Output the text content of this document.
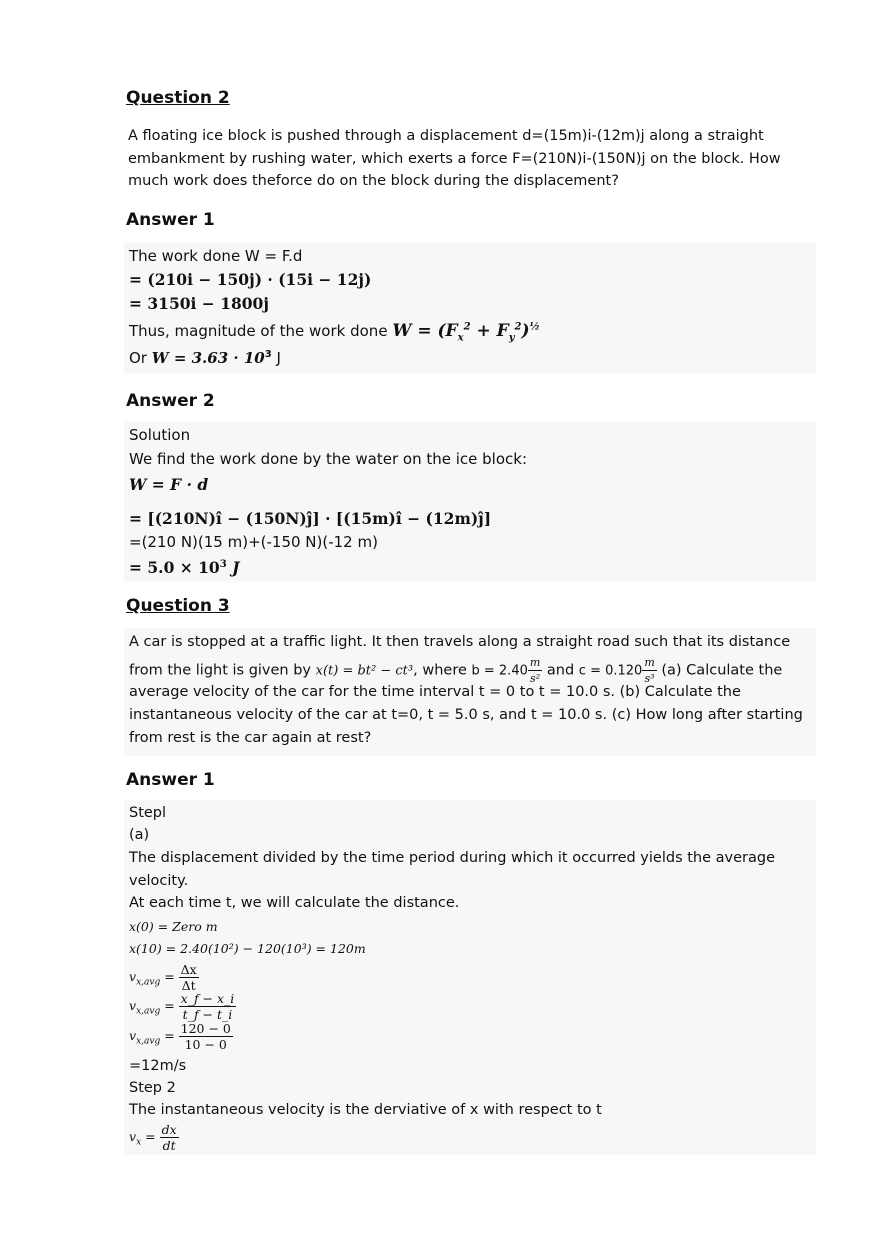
Question 2
A floating ice block is pushed through a displacement d=(15m)i-(12m)j along a straight embankment by rushing water, which exerts a force F=(210N)i-(150N)j on the block. How much work does theforce do on the block during the displacement?
Answer 1
The work done W = F.d
= (210i − 150j) · (15i − 12j)
= 3150i − 1800j
Thus, magnitude of the work done $W = (F_x^2 + F_y^2)^{\frac{1}{2}}$
Or $W = 3.63 \cdot 10^3$ J
Answer 2
Solution
We find the work done by the water on the ice block:
W = F · d
= [(210N)î − (150N)ĵ] · [(15m)î − (12m)ĵ]
=(210 N)(15 m)+(-150 N)(-12 m)
= $5.0 \times 10^3$ J
Question 3
A car is stopped at a traffic light. It then travels along a straight road such that its distance
from the light is given by x(t) = bt² − ct³, where $b = 2.40 \frac{m}{\text{s²}}$ and $c = 0.120 \frac{m}{\text{s³}} (a)$ Calculate the
average velocity of the car for the time interval t = 0 to t = 10.0 s. (b) Calculate the
instantaneous velocity of the car at t=0, t = 5.0 s, and t = 10.0 s. (c) How long after starting
from rest is the car again at rest?
Answer 1
Stepl
(a)
The displacement divided by the time period during which it occurred yields the average
velocity.
At each time t, we will calculate the distance.
x(0) = Zero m
x(10) = 2.40(10²) − 120(10³) = 120m
$v_{x,avg} = \frac{\Delta x}{\Delta t}$
$v_{x,avg} = \frac{x\_f - x\_i}{t\_f - t\_i}$
$v_{x,avg} = \frac{120 - 0}{10 - 0}$
=12m/s
Step 2
The instantaneous velocity is the derviative of x with respect to t
$v_x = \frac{dx}{dt}$
